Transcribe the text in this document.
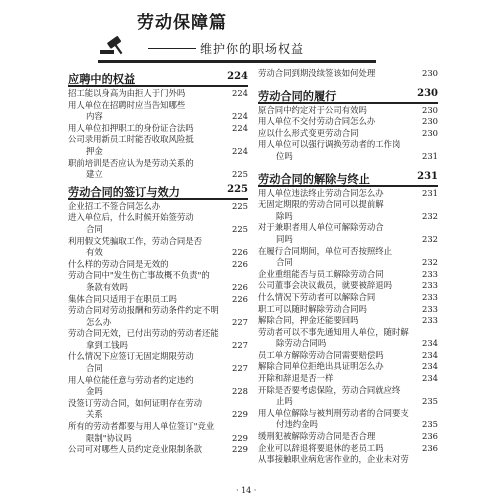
劳动保障篇
维护你的职场权益
应聘中的权益	224
招工能以身高为由拒人于门外吗	224
用人单位在招聘时应当告知哪些
内容	224
用人单位扣押职工的身份证合法吗	224
公司录用新员工时能否收取风险抵
押金	224
职前培训是否应认为是劳动关系的
建立	225
劳动合同的签订与效力	225
企业招工不签合同怎么办	225
进入单位后，什么时候开始签劳动
合同	225
利用假文凭骗取工作，劳动合同是否
有效	226
什么样的劳动合同是无效的	226
劳动合同中"发生伤亡事故概不负责"的
条款有效吗	226
集体合同只适用于在职员工吗	226
劳动合同对劳动报酬和劳动条件约定不明
怎么办	227
劳动合同无效，已付出劳动的劳动者还能
拿到工钱吗	227
什么情况下应签订无固定期限劳动
合同	227
用人单位能任意与劳动者约定违约
金吗	228
没签订劳动合同，如何证明存在劳动
关系	229
所有的劳动者都要与用人单位签订"竞业
限制"协议吗	229
公司可对哪些人员约定竞业限制条款	229
劳动合同到期没续签该如何处理	230
劳动合同的履行	230
原合同中约定对于公司有效吗	230
用人单位不交付劳动合同怎么办	230
应以什么形式变更劳动合同	230
用人单位可以强行调换劳动者的工作岗
位吗	231
劳动合同的解除与终止	231
用人单位违法终止劳动合同怎么办	231
无固定期限的劳动合同可以提前解
除吗	232
对于兼职者用人单位可解除劳动合
同吗	232
在履行合同期间，单位可否按照终止
合同	232
企业重组能否与员工解除劳动合同	233
公司董事会决议裁员，就要被辞退吗	233
什么情况下劳动者可以解除合同	233
职工可以随时解除劳动合同吗	233
解除合同，押金还能要回吗	233
劳动者可以不事先通知用人单位，随时解
除劳动合同吗	234
员工单方解除劳动合同需要赔偿吗	234
解除合同单位拒绝出具证明怎么办	234
开除和辞退是否一样	234
开除是否要考虑保险，劳动合同就应终
止吗	235
用人单位解除与被判刑劳动者的合同要支
付违约金吗	235
缓刑犯被解除劳动合同是否合理	236
企业可以辞退将要退休的老员工吗	236
从事接触职业病危害作业的，企业未对劳
· 14 ·
